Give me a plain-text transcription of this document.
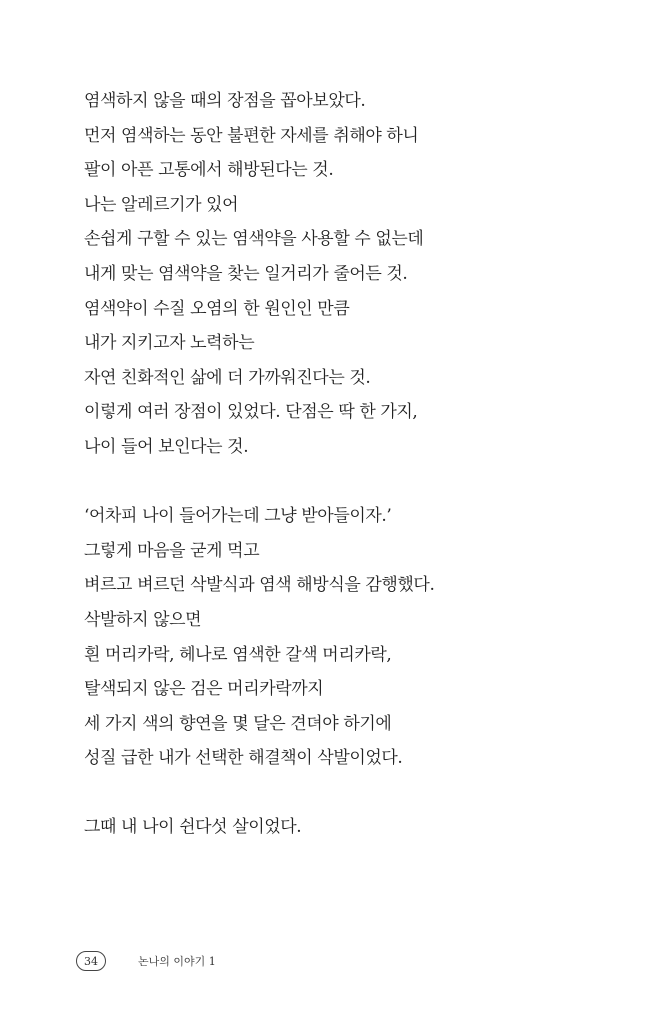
염색하지 않을 때의 장점을 꼽아보았다.
먼저 염색하는 동안 불편한 자세를 취해야 하니
팔이 아픈 고통에서 해방된다는 것.
나는 알레르기가 있어
손쉽게 구할 수 있는 염색약을 사용할 수 없는데
내게 맞는 염색약을 찾는 일거리가 줄어든 것.
염색약이 수질 오염의 한 원인인 만큼
내가 지키고자 노력하는
자연 친화적인 삶에 더 가까워진다는 것.
이렇게 여러 장점이 있었다. 단점은 딱 한 가지,
나이 들어 보인다는 것.
‘어차피 나이 들어가는데 그냥 받아들이자.’
그렇게 마음을 굳게 먹고
벼르고 벼르던 삭발식과 염색 해방식을 감행했다.
삭발하지 않으면
흰 머리카락, 헤나로 염색한 갈색 머리카락,
탈색되지 않은 검은 머리카락까지
세 가지 색의 향연을 몇 달은 견뎌야 하기에
성질 급한 내가 선택한 해결책이 삭발이었다.
그때 내 나이 쉰다섯 살이었다.
34	논나의 이야기 1
